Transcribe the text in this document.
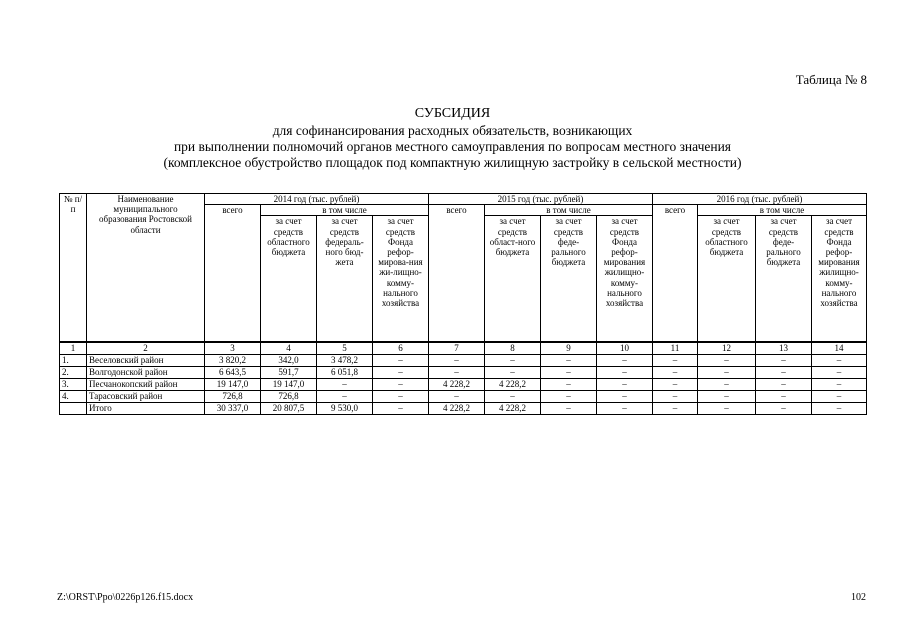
Таблица № 8
СУБСИДИЯ
для софинансирования расходных обязательств, возникающих
при выполнении полномочий органов местного самоуправления по вопросам местного значения
(комплексное обустройство площадок под компактную жилищную застройку в сельской местности)
№ п/п	Наименование муниципального образования Ростовской области	2014 год (тыс. рублей)				2015 год (тыс. рублей)				2016 год (тыс. рублей)			
		всего	в том числе			всего	в том числе			всего	в том числе		
			за счет средств областного бюджета	за счет средств федераль-ного бюд-жета	за счет средств Фонда рефор-мирова-ния жи-лищно-комму-нального хозяйства		за счет средств област-ного бюджета	за счет средств феде-рального бюджета	за счет средств Фонда рефор-мирования жилищно-комму-нального хозяйства		за счет средств областного бюджета	за счет средств феде-рального бюджета	за счет средств Фонда рефор-мирования жилищно-комму-нального хозяйства
1	2	3	4	5	6	7	8	9	10	11	12	13	14
1.	Веселовский район	3 820,2	342,0	3 478,2	–	–	–	–	–	–	–	–	–
2.	Волгодонской район	6 643,5	591,7	6 051,8	–	–	–	–	–	–	–	–	–
3.	Песчанокопский район	19 147,0	19 147,0	–	–	4 228,2	4 228,2	–	–	–	–	–	–
4.	Тарасовский район	726,8	726,8	–	–	–	–	–	–	–	–	–	–
	Итого	30 337,0	20 807,5	9 530,0	–	4 228,2	4 228,2	–	–	–	–	–	–
Z:\ORST\Ppo\0226p126.f15.docx	102
